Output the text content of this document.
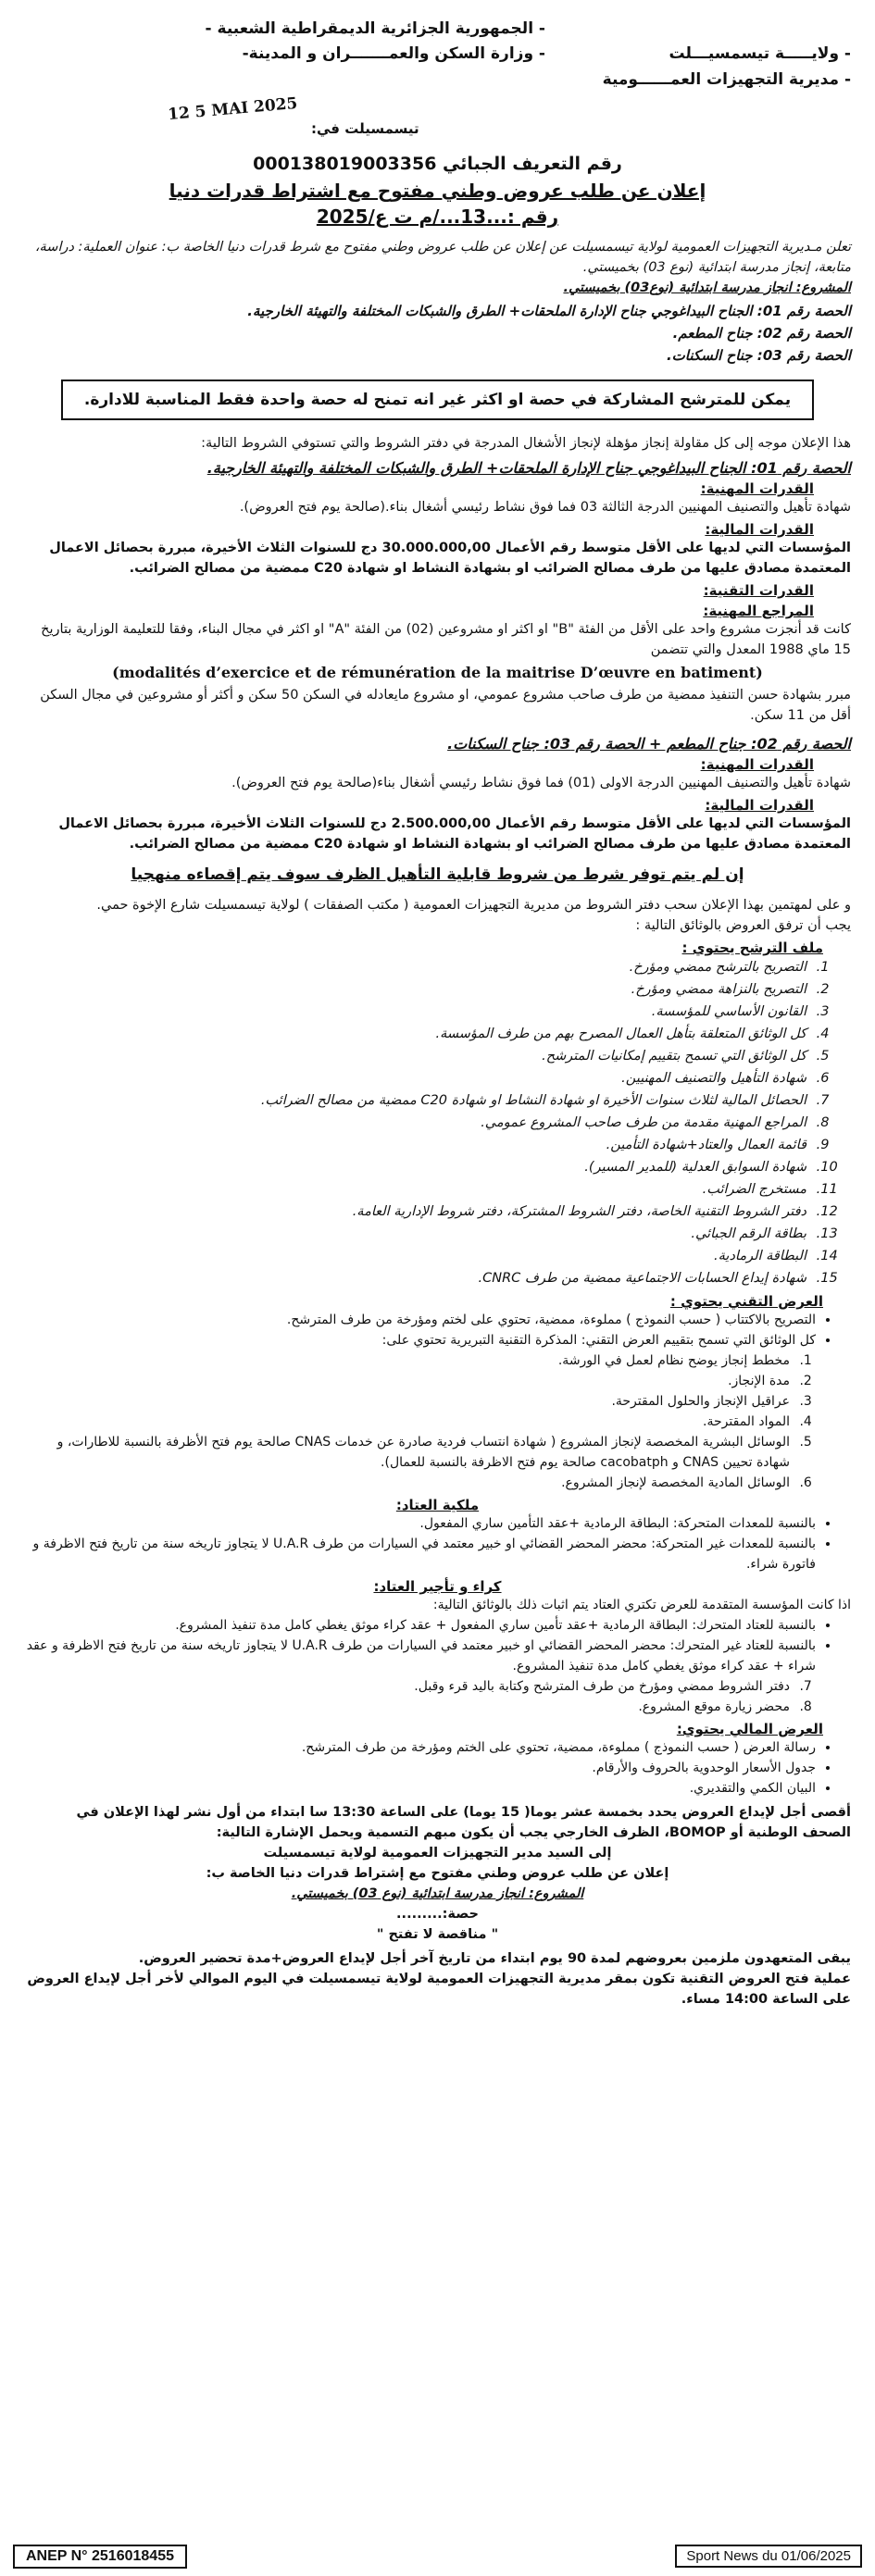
- الجمهورية الجزائرية الديمقراطية الشعبية -
- وزارة السكن والعمـــــــران و المدينة-	- ولايـــــة تيسمسيـــلت
- مديرية التجهيزات العمــــــومية
12 5 MAI 2025
تيسمسيلت في:
رقم التعريف الجبائي 000138019003356
إعلان عن طلب عروض وطني مفتوح مع اشتراط قدرات دنيا
رقم :...13.../م ت ع/2025
تعلن مـديرية التجهيزات العمومية لولاية تيسمسيلت عن إعلان عن طلب عروض وطني مفتوح مع شرط قدرات دنيا الخاصة ب: عنوان العملية: دراسة، متابعة، إنجاز مدرسة ابتدائية (نوع 03) بخميستي.
المشروع: انجاز مدرسة ابتدائية (نوع03) بخميستي.
الحصة رقم 01: الجناح البيداغوجي جناح الإدارة الملحقات+ الطرق والشبكات المختلفة والتهيئة الخارجية.
الحصة رقم 02: جناح المطعم.
الحصة رقم 03: جناح السكنات.
يمكن للمترشح المشاركة في حصة او اكثر غير انه تمنح له حصة واحدة فقط المناسبة للادارة.
هذا الإعلان موجه إلى كل مقاولة إنجاز مؤهلة لإنجاز الأشغال المدرجة في دفتر الشروط والتي تستوفي الشروط التالية:
الحصة رقم 01: الجناح البيداغوجي جناح الإدارة الملحقات+ الطرق والشبكات المختلفة والتهيئة الخارجية.
القدرات المهنية:
شهادة تأهيل والتصنيف المهنيين الدرجة الثالثة 03 فما فوق نشاط رئيسي أشغال بناء.(صالحة يوم فتح العروض).
القدرات المالية:
المؤسسات التي لديها على الأقل متوسط رقم الأعمال 30.000.000,00 دج للسنوات الثلاث الأخيرة، مبررة بحصائل الاعمال المعتمدة مصادق عليها من طرف مصالح الضرائب او بشهادة النشاط او شهادة C20 ممضية من مصالح الضرائب.
القدرات التقنية:
المراجع المهنية:
كانت قد أنجزت مشروع واحد على الأقل من الفئة "B" او اكثر او مشروعين (02) من الفئة "A" او اكثر في مجال البناء، وفقا للتعليمة الوزارية بتاريخ 15 ماي 1988 المعدل والتي تتضمن
(modalités d’exercice et de rémunération de la maitrise D’œuvre en batiment)
مبرر بشهادة حسن التنفيذ ممضية من طرف صاحب مشروع عمومي، او مشروع مايعادله في السكن 50 سكن و أكثر أو مشروعين في مجال السكن أقل من 11 سكن.
الحصة رقم 02: جناح المطعم + الحصة رقم 03: جناح السكنات.
القدرات المهنية:
شهادة تأهيل والتصنيف المهنيين الدرجة الاولى (01) فما فوق نشاط رئيسي أشغال بناء(صالحة يوم فتح العروض).
القدرات المالية:
المؤسسات التي لديها على الأقل متوسط رقم الأعمال 2.500.000,00 دج للسنوات الثلاث الأخيرة، مبررة بحصائل الاعمال المعتمدة مصادق عليها من طرف مصالح الضرائب او بشهادة النشاط او شهادة C20 ممضية من مصالح الضرائب.
إن لم يتم توفر شرط من شروط قابلية التأهيل الظرف سوف يتم إقصاءه منهجيا
و على لمهتمين بهذا الإعلان سحب دفتر الشروط من مديرية التجهيزات العمومية ( مكتب الصفقات ) لولاية تيسمسيلت شارع الإخوة حمي.
يجب أن ترفق العروض بالوثائق التالية :
ملف الترشح يحتوي :
1. التصريح بالترشح ممضي ومؤرخ.
2. التصريح بالنزاهة ممضي ومؤرخ.
3. القانون الأساسي للمؤسسة.
4. كل الوثائق المتعلقة بتأهل العمال المصرح بهم من طرف المؤسسة.
5. كل الوثائق التي تسمح بتقييم إمكانيات المترشح.
6. شهادة التأهيل والتصنيف المهنيين.
7. الحصائل المالية لثلاث سنوات الأخيرة او شهادة النشاط او شهادة C20 ممضية من مصالح الضرائب.
8. المراجع المهنية مقدمة من طرف صاحب المشروع عمومي.
9. قائمة العمال والعتاد+شهادة التأمين.
10. شهادة السوابق العدلية (للمدير المسير).
11. مستخرج الضرائب.
12. دفتر الشروط التقنية الخاصة، دفتر الشروط المشتركة، دفتر شروط الإدارية العامة.
13. بطاقة الرقم الجبائي.
14. البطاقة الرمادية.
15. شهادة إيداع الحسابات الاجتماعية ممضية من طرف CNRC.
العرض التقني يحتوي :
• التصريح بالاكتتاب ( حسب النموذج ) مملوءة، ممضية، تحتوي على لختم ومؤرخة من طرف المترشح.
• كل الوثائق التي تسمح بتقييم العرض التقني: المذكرة التقنية التبريرية تحتوي على:
1. مخطط إنجاز يوضح نظام لعمل في الورشة.
2. مدة الإنجاز.
3. عراقيل الإنجاز والحلول المقترحة.
4. المواد المقترحة.
5. الوسائل البشرية المخصصة لإنجاز المشروع ( شهادة انتساب فردية صادرة عن خدمات CNAS صالحة يوم فتح الأظرفة بالنسبة للاطارات، و شهادة تحيين CNAS و cacobatph صالحة يوم فتح الاظرفة بالنسبة للعمال).
6. الوسائل المادية المخصصة لإنجاز المشروع.
ملكية العتاد:
• بالنسبة للمعدات المتحركة: البطاقة الرمادية +عقد التأمين ساري المفعول.
• بالنسبة للمعدات غير المتحركة: محضر المحضر القضائي او خبير معتمد في السيارات من طرف U.A.R لا يتجاوز تاريخه سنة من تاريخ فتح الاظرفة و فاتورة شراء.
كراء و تأجير العتاد:
اذا كانت المؤسسة المتقدمة للعرض تكتري العتاد يتم اثبات ذلك بالوثائق التالية:
• بالنسبة للعتاد المتحرك: البطاقة الرمادية +عقد تأمين ساري المفعول + عقد كراء موثق يغطي كامل مدة تنفيذ المشروع.
• بالنسبة للعتاد غير المتحرك: محضر المحضر القضائي او خبير معتمد في السيارات من طرف U.A.R لا يتجاوز تاريخه سنة من تاريخ فتح الاظرفة و عقد شراء + عقد كراء موثق يغطي كامل مدة تنفيذ المشروع.
7. دفتر الشروط ممضي ومؤرخ من طرف المترشح وكتابة باليد قرء وقبل.
8. محضر زيارة موقع المشروع.
العرض المالي يحتوي:
• رسالة العرض ( حسب النموذج ) مملوءة، ممضية، تحتوي على الختم ومؤرخة من طرف المترشح.
• جدول الأسعار الوحدوية بالحروف والأرقام.
• البيان الكمي والتقديري.
أقصى أجل لإيداع العروض يحدد بخمسة عشر يوما( 15 يوما) على الساعة 13:30 سا ابتداء من أول نشر لهذا الإعلان في الصحف الوطنية أو BOMOP، الظرف الخارجي يجب أن يكون مبهم التسمية ويحمل الإشارة التالية:
إلى السيد مدير التجهيزات العمومية لولاية تيسمسيلت
إعلان عن طلب عروض وطني مفتوح مع إشتراط قدرات دنيا الخاصة ب:
المشروع: انجاز مدرسة ابتدائية (نوع 03) بخميستي.
حصة:.........
" مناقصة لا تفتح "
يبقى المتعهدون ملزمين بعروضهم لمدة 90 يوم ابتداء من تاريخ آخر أجل لإيداع العروض+مدة تحضير العروض.
عملية فتح العروض التقنية تكون بمقر مديرية التجهيزات العمومية لولاية تيسمسيلت في اليوم الموالي لأخر أجل لإيداع العروض على الساعة 14:00 مساء.
ANEP N° 2516018455	Sport News du 01/06/2025
